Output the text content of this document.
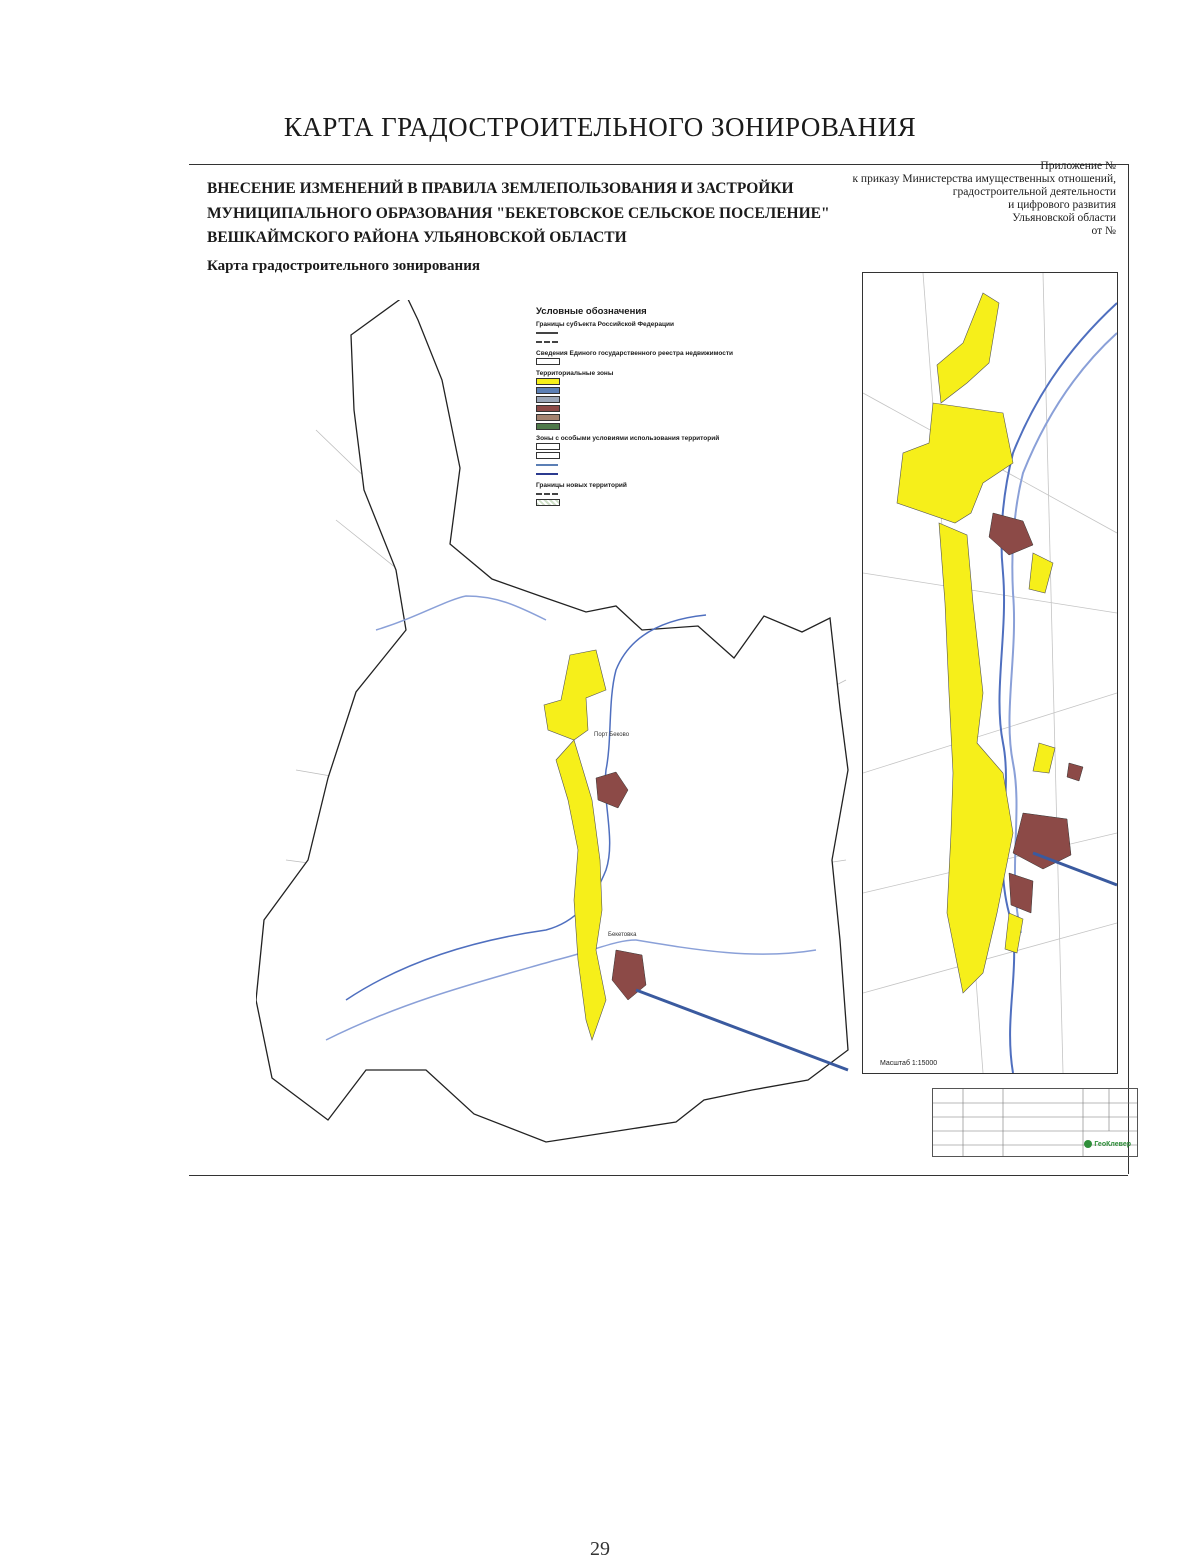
КАРТА ГРАДОСТРОИТЕЛЬНОГО ЗОНИРОВАНИЯ
ВНЕСЕНИЕ ИЗМЕНЕНИЙ В ПРАВИЛА ЗЕМЛЕПОЛЬЗОВАНИЯ И ЗАСТРОЙКИ
МУНИЦИПАЛЬНОГО ОБРАЗОВАНИЯ "БЕКЕТОВСКОЕ СЕЛЬСКОЕ ПОСЕЛЕНИЕ"
ВЕШКАЙМСКОГО РАЙОНА УЛЬЯНОВСКОЙ ОБЛАСТИ
Карта градостроительного зонирования
Приложение №
к приказу Министерства имущественных отношений,
градостроительной деятельности
и цифрового развития
Ульяновской области
от №
Условные обозначения
Границы субъекта Российской Федерации
Сведения Единого государственного реестра недвижимости
Территориальные зоны
Зоны с особыми условиями использования территорий
Границы новых территорий
Порт Беково
Бекетовка
Масштаб 1:15000
ГеоКлевер
29
